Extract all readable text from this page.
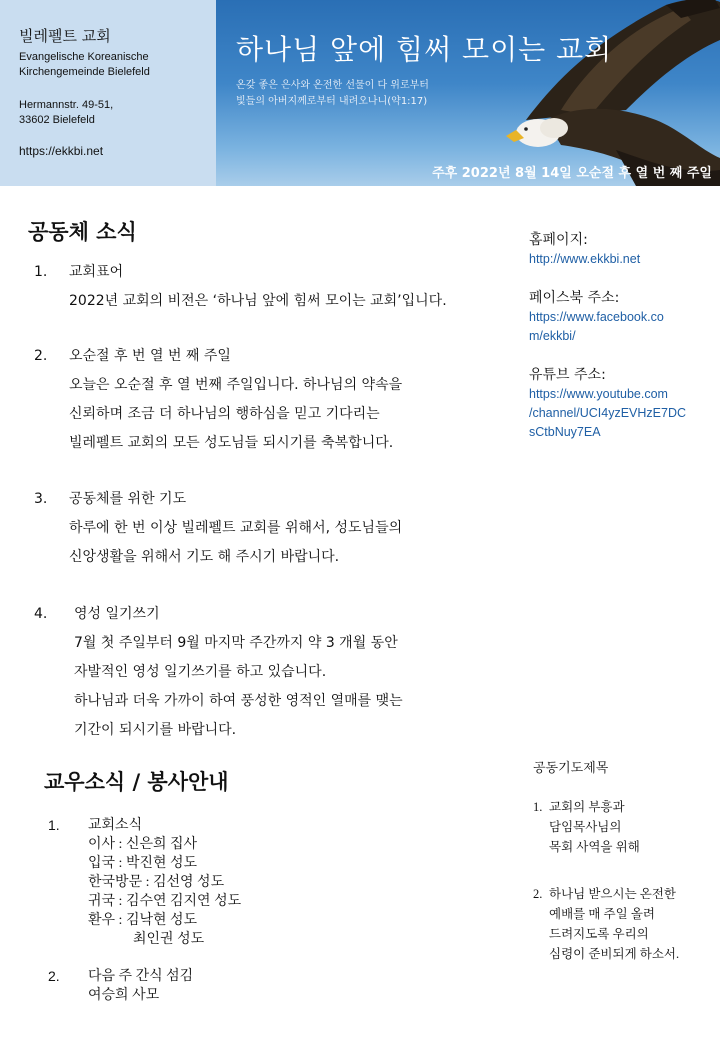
빌레펠트 교회
Evangelische Koreanische
Kirchengemeinde Bielefeld
Hermannstr. 49-51,
33602 Bielefeld
https://ekkbi.net
하나님 앞에 힘써 모이는 교회
온갖 좋은 은사와 온전한 선물이 다 위로부터
빛들의 아버지께로부터 내려오나니(약1:17)
주후 2022년 8월 14일 오순절 후 열 번 째 주일
공동체 소식
1.	교회표어
2022년 교회의 비전은 ‘하나님 앞에 힘써 모이는 교회’입니다.
2.	오순절 후 번 열 번 째 주일
오늘은 오순절 후 열 번째 주일입니다. 하나님의 약속을
신뢰하며 조금 더 하나님의 행하심을 믿고 기다리는
빌레펠트 교회의 모든 성도님들 되시기를 축복합니다.
3.	공동체를 위한 기도
하루에 한 번 이상 빌레펠트 교회를 위해서, 성도님들의
신앙생활을 위해서 기도 해 주시기 바랍니다.
4.	영성 일기쓰기
7월 첫 주일부터 9월 마지막 주간까지 약 3 개월 동안
자발적인 영성 일기쓰기를 하고 있습니다.
하나님과 더욱 가까이 하여 풍성한 영적인 열매를 맺는
기간이 되시기를 바랍니다.
홈페이지:
http://www.ekkbi.net
페이스북 주소:
https://www.facebook.co
m/ekkbi/
유튜브 주소:
https://www.youtube.com
/channel/UCI4yzEVHzE7DC
sCtbNuy7EA
교우소식 / 봉사안내
1. 교회소식
이사 : 신은희 집사
입국 : 박진현 성도
한국방문 : 김선영 성도
귀국 : 김수연 김지연 성도
환우 : 김낙현 성도
최인권 성도
2. 다음 주 간식 섬김
여승희 사모
공동기도제목
1. 교회의 부흥과
담임목사님의
목회 사역을 위해
2. 하나님 받으시는 온전한
예배를 매 주일 올려
드려지도록 우리의
심령이 준비되게 하소서.
